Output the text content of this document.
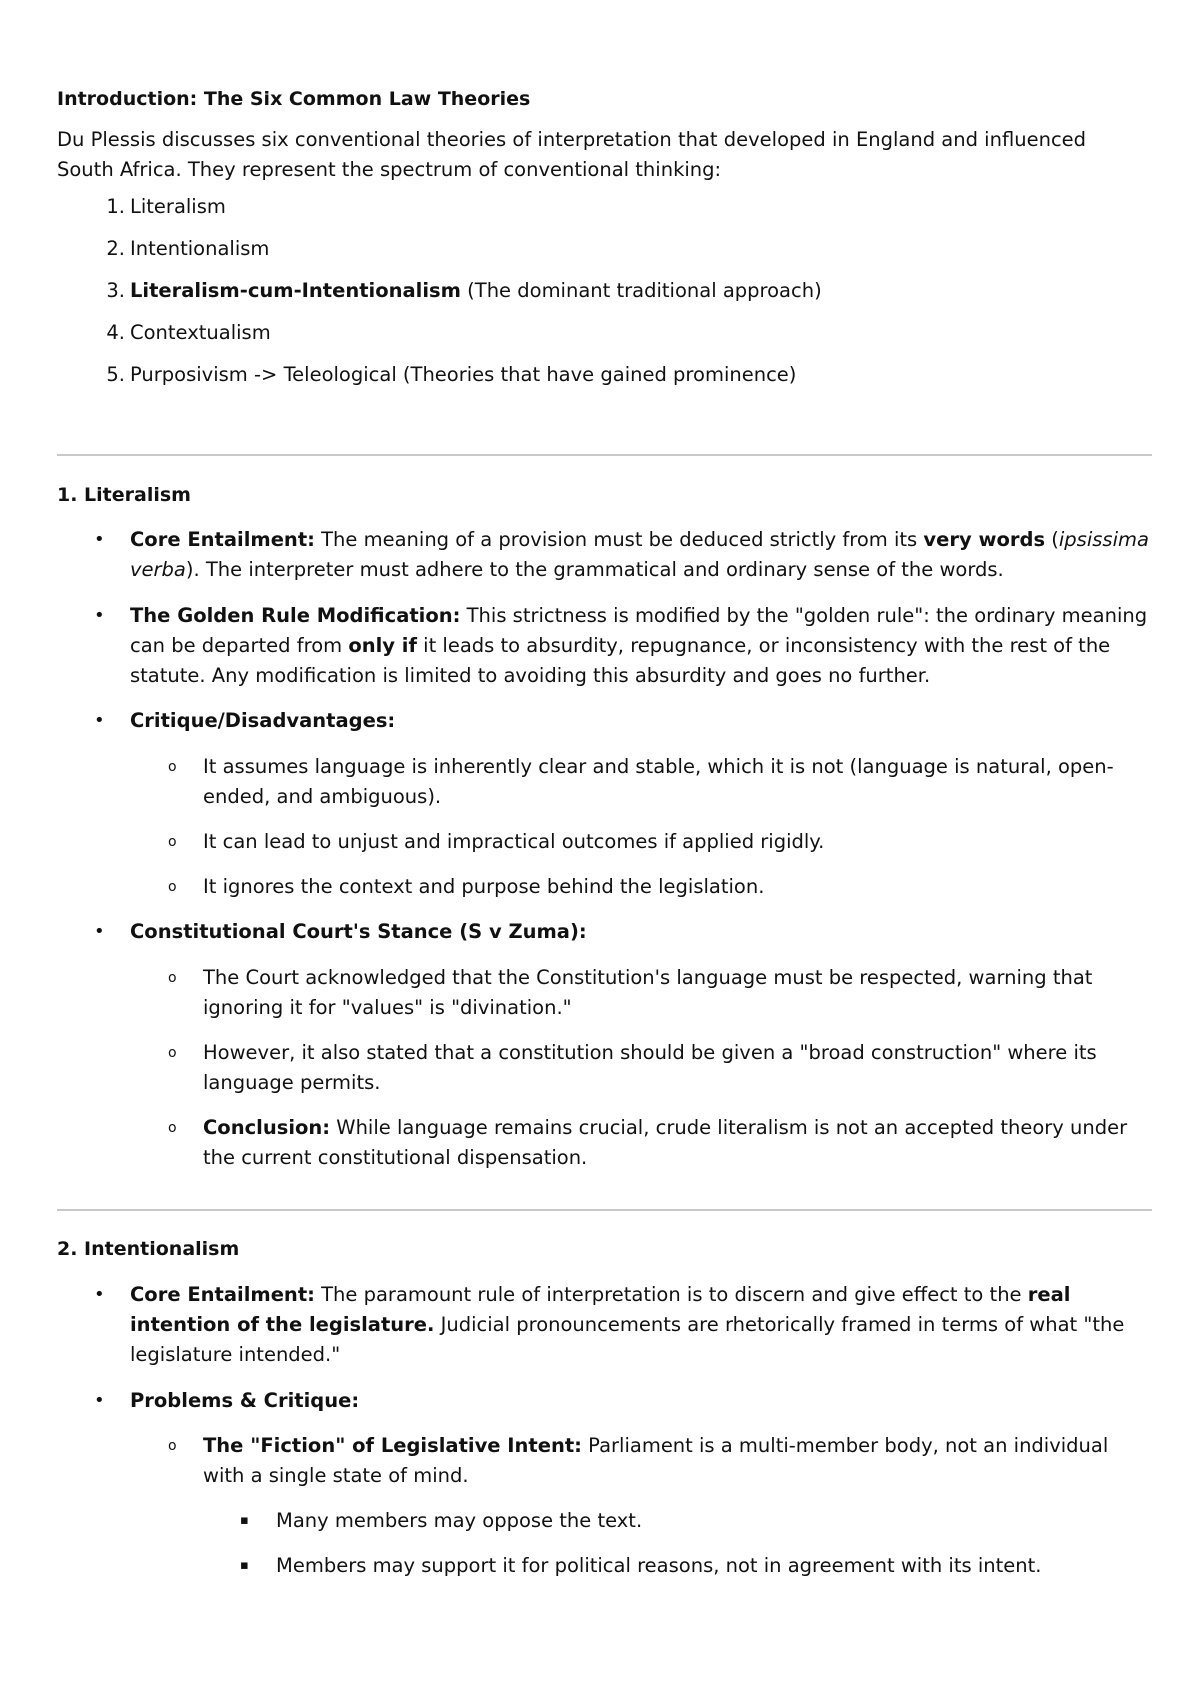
Introduction: The Six Common Law Theories
Du Plessis discusses six conventional theories of interpretation that developed in England and influenced South Africa. They represent the spectrum of conventional thinking:
1. Literalism
2. Intentionalism
3. Literalism-cum-Intentionalism (The dominant traditional approach)
4. Contextualism
5. Purposivism -> Teleological (Theories that have gained prominence)
1. Literalism
• Core Entailment: The meaning of a provision must be deduced strictly from its very words (ipsissima verba). The interpreter must adhere to the grammatical and ordinary sense of the words.
• The Golden Rule Modification: This strictness is modified by the "golden rule": the ordinary meaning can be departed from only if it leads to absurdity, repugnance, or inconsistency with the rest of the statute. Any modification is limited to avoiding this absurdity and goes no further.
• Critique/Disadvantages:
o It assumes language is inherently clear and stable, which it is not (language is natural, open-ended, and ambiguous).
o It can lead to unjust and impractical outcomes if applied rigidly.
o It ignores the context and purpose behind the legislation.
• Constitutional Court's Stance (S v Zuma):
o The Court acknowledged that the Constitution's language must be respected, warning that ignoring it for "values" is "divination."
o However, it also stated that a constitution should be given a "broad construction" where its language permits.
o Conclusion: While language remains crucial, crude literalism is not an accepted theory under the current constitutional dispensation.
2. Intentionalism
• Core Entailment: The paramount rule of interpretation is to discern and give effect to the real intention of the legislature. Judicial pronouncements are rhetorically framed in terms of what "the legislature intended."
• Problems & Critique:
o The "Fiction" of Legislative Intent: Parliament is a multi-member body, not an individual with a single state of mind.
▪ Many members may oppose the text.
▪ Members may support it for political reasons, not in agreement with its intent.
